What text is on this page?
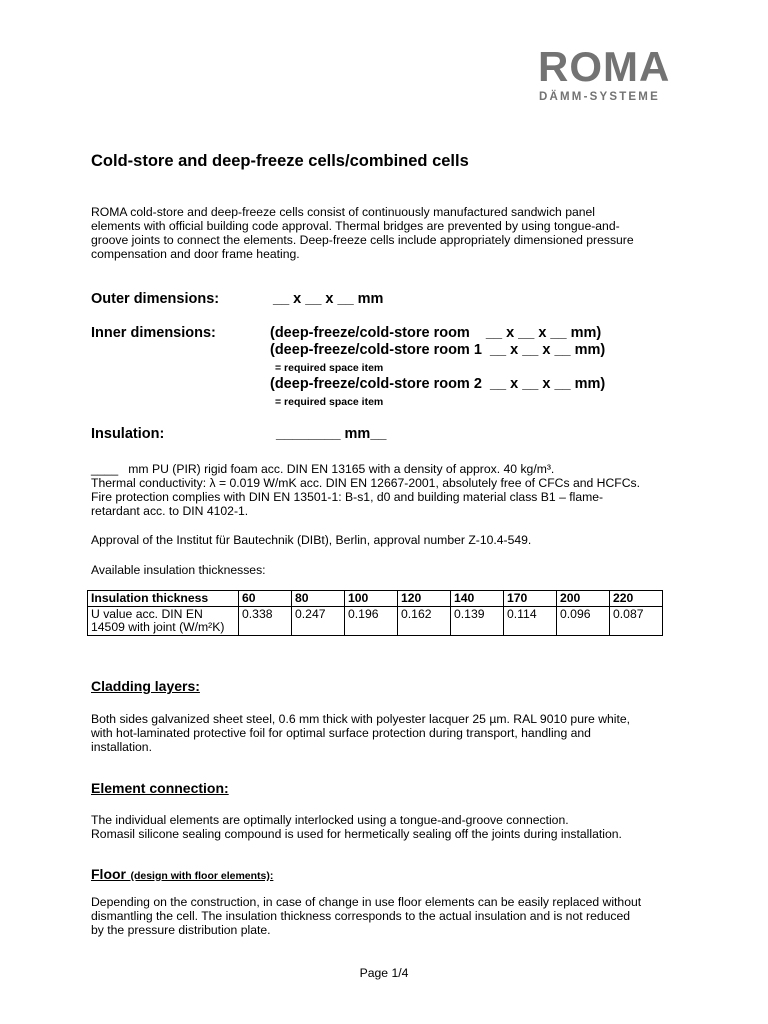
ROMA
DÄMM-SYSTEME
Cold-store and deep-freeze cells/combined cells
ROMA cold-store and deep-freeze cells consist of continuously manufactured sandwich panel
elements with official building code approval. Thermal bridges are prevented by using tongue-and-
groove joints to connect the elements. Deep-freeze cells include appropriately dimensioned pressure
compensation and door frame heating.
Outer dimensions:	__ x __ x __ mm
Inner dimensions:	(deep-freeze/cold-store room    __ x __ x __ mm)
(deep-freeze/cold-store room 1  __ x __ x __ mm)
= required space item
(deep-freeze/cold-store room 2  __ x __ x __ mm)
= required space item
Insulation:	________ mm__
____   mm PU (PIR) rigid foam acc. DIN EN 13165 with a density of approx. 40 kg/m³.
Thermal conductivity: λ = 0.019 W/mK acc. DIN EN 12667-2001, absolutely free of CFCs and HCFCs.
Fire protection complies with DIN EN 13501-1: B-s1, d0 and building material class B1 – flame-
retardant acc. to DIN 4102-1.
Approval of the Institut für Bautechnik (DIBt), Berlin, approval number Z-10.4-549.
Available insulation thicknesses:
Insulation thickness	60	80	100	120	140	170	200	220
U value acc. DIN EN 14509 with joint (W/m²K)	0.338	0.247	0.196	0.162	0.139	0.114	0.096	0.087
Cladding layers:
Both sides galvanized sheet steel, 0.6 mm thick with polyester lacquer 25 µm. RAL 9010 pure white,
with hot-laminated protective foil for optimal surface protection during transport, handling and
installation.
Element connection:
The individual elements are optimally interlocked using a tongue-and-groove connection.
Romasil silicone sealing compound is used for hermetically sealing off the joints during installation.
Floor (design with floor elements):
Depending on the construction, in case of change in use floor elements can be easily replaced without
dismantling the cell. The insulation thickness corresponds to the actual insulation and is not reduced
by the pressure distribution plate.
Page 1/4
